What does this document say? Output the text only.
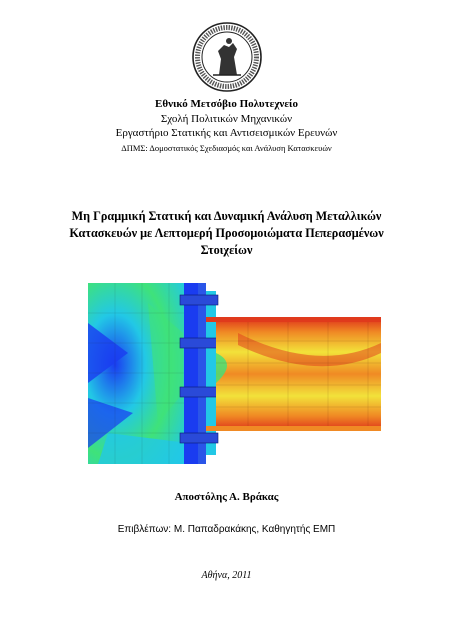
Εθνικό Μετσόβιο Πολυτεχνείο
Σχολή Πολιτικών Μηχανικών
Εργαστήριο Στατικής και Αντισεισμικών Ερευνών
ΔΠΜΣ: Δομοστατικός Σχεδιασμός και Ανάλυση Κατασκευών
Μη Γραμμική Στατική και Δυναμική Ανάλυση Μεταλλικών
Κατασκευών με Λεπτομερή Προσομοιώματα Πεπερασμένων
Στοιχείων
Αποστόλης Α. Βράκας
Επιβλέπων: Μ. Παπαδρακάκης, Καθηγητής ΕΜΠ
Αθήνα, 2011
